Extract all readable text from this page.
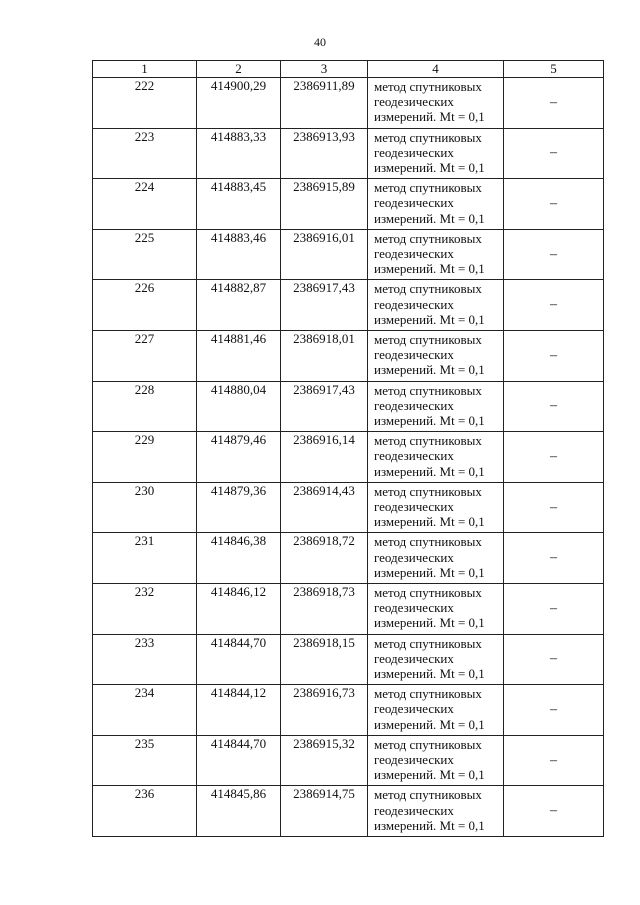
40
1	2	3	4	5
222	414900,29	2386911,89	метод спутниковых
геодезических
измерений. Mt = 0,1	–
223	414883,33	2386913,93	метод спутниковых
геодезических
измерений. Mt = 0,1	–
224	414883,45	2386915,89	метод спутниковых
геодезических
измерений. Mt = 0,1	–
225	414883,46	2386916,01	метод спутниковых
геодезических
измерений. Mt = 0,1	–
226	414882,87	2386917,43	метод спутниковых
геодезических
измерений. Mt = 0,1	–
227	414881,46	2386918,01	метод спутниковых
геодезических
измерений. Mt = 0,1	–
228	414880,04	2386917,43	метод спутниковых
геодезических
измерений. Mt = 0,1	–
229	414879,46	2386916,14	метод спутниковых
геодезических
измерений. Mt = 0,1	–
230	414879,36	2386914,43	метод спутниковых
геодезических
измерений. Mt = 0,1	–
231	414846,38	2386918,72	метод спутниковых
геодезических
измерений. Mt = 0,1	–
232	414846,12	2386918,73	метод спутниковых
геодезических
измерений. Mt = 0,1	–
233	414844,70	2386918,15	метод спутниковых
геодезических
измерений. Mt = 0,1	–
234	414844,12	2386916,73	метод спутниковых
геодезических
измерений. Mt = 0,1	–
235	414844,70	2386915,32	метод спутниковых
геодезических
измерений. Mt = 0,1	–
236	414845,86	2386914,75	метод спутниковых
геодезических
измерений. Mt = 0,1	–
